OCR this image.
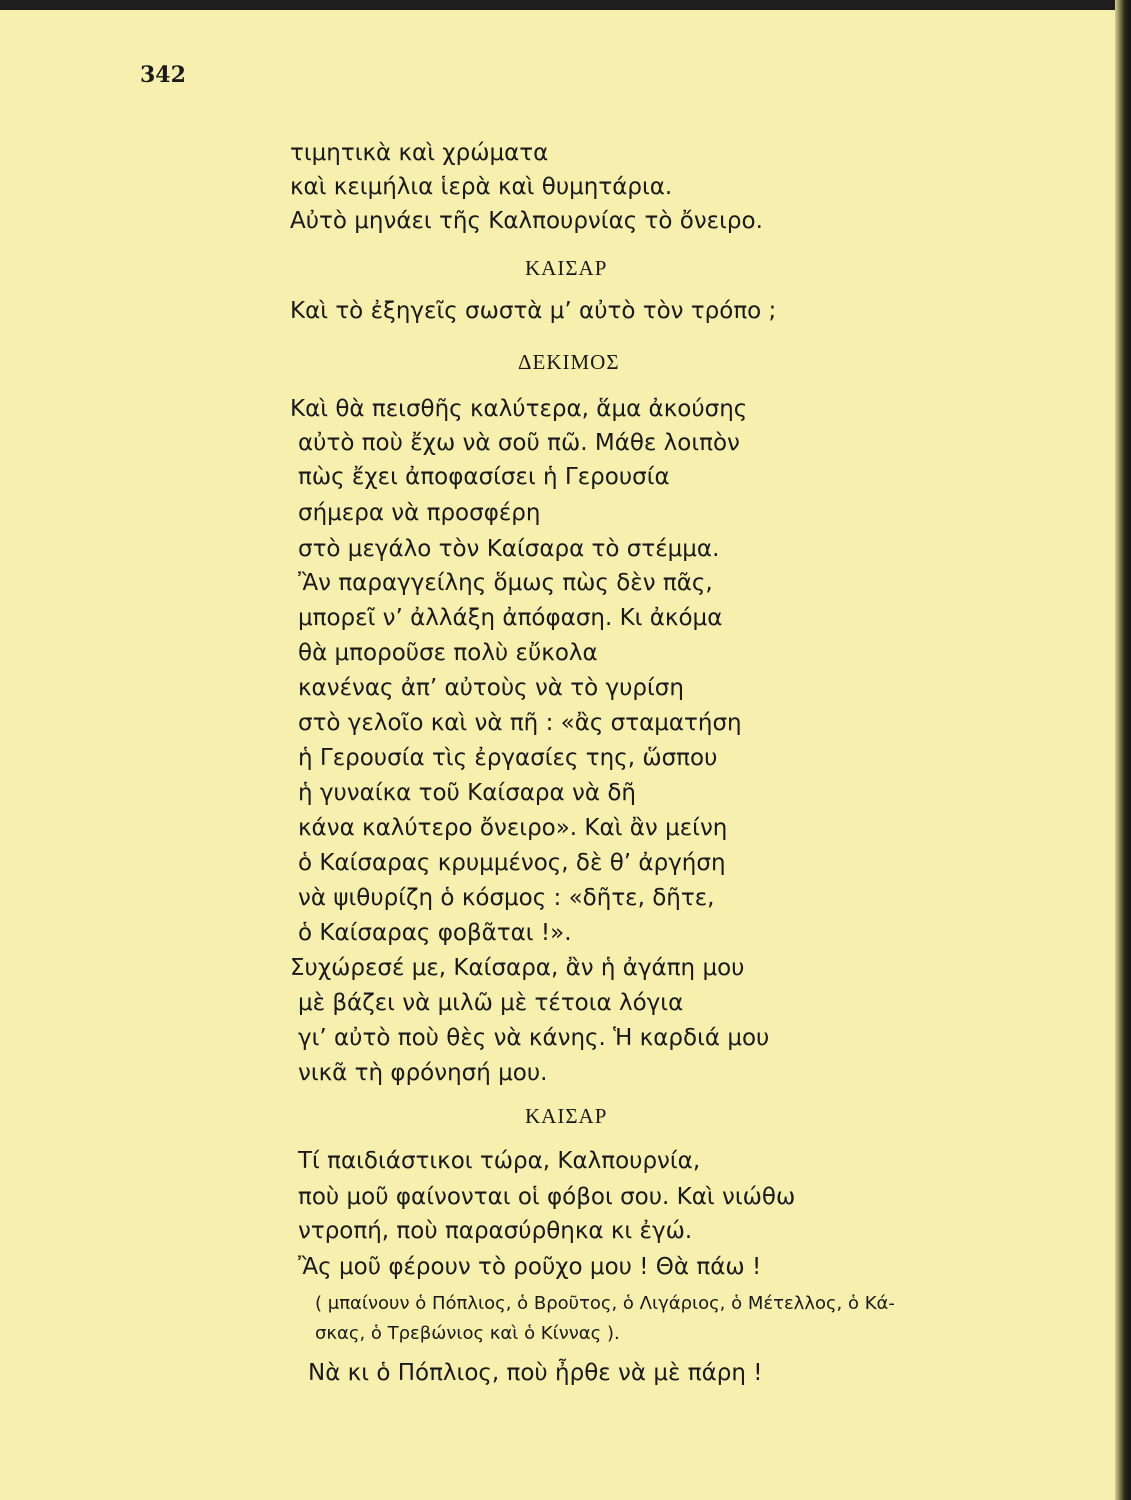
342
τιμητικὰ καὶ χρώματα
καὶ κειμήλια ἱερὰ καὶ θυμητάρια.
Αὐτὸ μηνάει τῆς Καλπουρνίας τὸ ὄνειρο.
ΚΑΙΣΑΡ
Καὶ τὸ ἐξηγεῖς σωστὰ μ’ αὐτὸ τὸν τρόπο ;
ΔΕΚΙΜΟΣ
Καὶ θὰ πεισθῆς καλύτερα, ἅμα ἀκούσης
αὐτὸ ποὺ ἔχω νὰ σοῦ πῶ. Μάθε λοιπὸν
πὼς ἔχει ἀποφασίσει ἡ Γερουσία
σήμερα νὰ προσφέρη
στὸ μεγάλο τὸν Καίσαρα τὸ στέμμα.
Ἂν παραγγείλης ὅμως πὼς δὲν πᾶς,
μπορεῖ ν’ ἀλλάξη ἀπόφαση. Κι ἀκόμα
θὰ μποροῦσε πολὺ εὔκολα
κανένας ἀπ’ αὐτοὺς νὰ τὸ γυρίση
στὸ γελοῖο καὶ νὰ πῆ : «ἂς σταματήση
ἡ Γερουσία τὶς ἐργασίες της, ὥσπου
ἡ γυναίκα τοῦ Καίσαρα νὰ δῆ
κάνα καλύτερο ὄνειρο». Καὶ ἂν μείνη
ὁ Καίσαρας κρυμμένος, δὲ θ’ ἀργήση
νὰ ψιθυρίζη ὁ κόσμος : «δῆτε, δῆτε,
ὁ Καίσαρας φοβᾶται !».
Συχώρεσέ με, Καίσαρα, ἂν ἡ ἀγάπη μου
μὲ βάζει νὰ μιλῶ μὲ τέτοια λόγια
γι’ αὐτὸ ποὺ θὲς νὰ κάνης. Ἡ καρδιά μου
νικᾶ τὴ φρόνησή μου.
ΚΑΙΣΑΡ
Τί παιδιάστικοι τώρα, Καλπουρνία,
ποὺ μοῦ φαίνονται οἱ φόβοι σου. Καὶ νιώθω
ντροπή, ποὺ παρασύρθηκα κι ἐγώ.
Ἂς μοῦ φέρουν τὸ ροῦχο μου ! Θὰ πάω !
( μπαίνουν ὁ Πόπλιος, ὁ Βροῦτος, ὁ Λιγάριος, ὁ Μέτελλος, ὁ Κά-
σκας, ὁ Τρεβώνιος καὶ ὁ Κίννας ).
Νὰ κι ὁ Πόπλιος, ποὺ ἦρθε νὰ μὲ πάρη !
